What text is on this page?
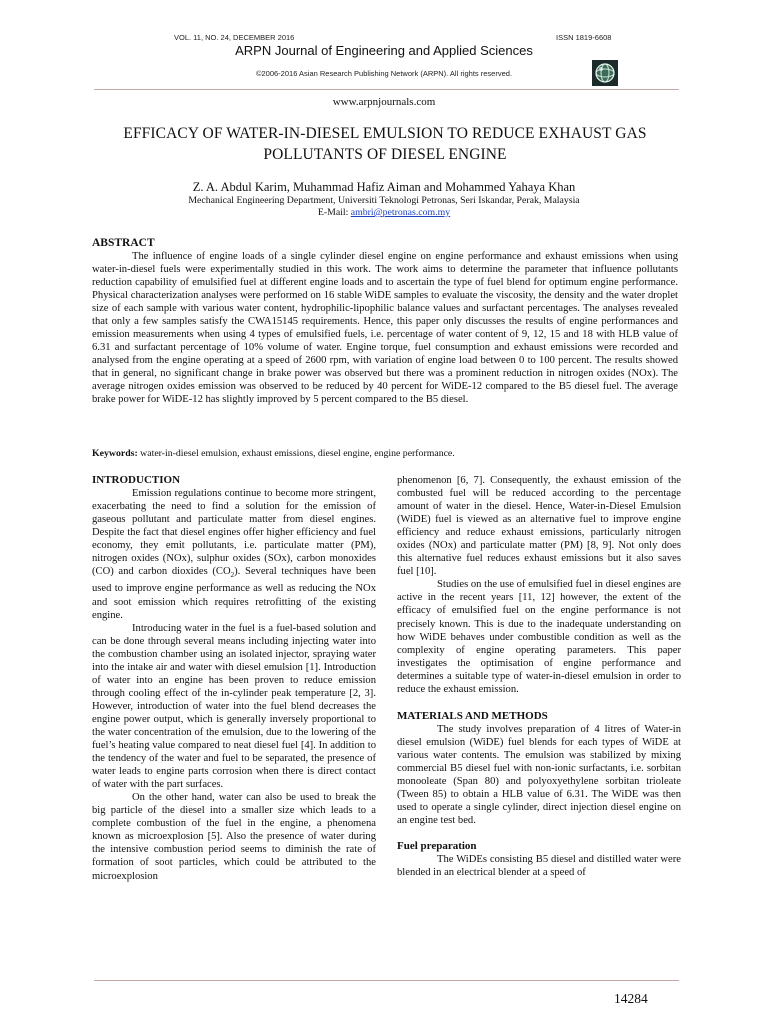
VOL. 11, NO. 24, DECEMBER 2016	ISSN 1819-6608
ARPN Journal of Engineering and Applied Sciences
©2006-2016 Asian Research Publishing Network (ARPN). All rights reserved.
www.arpnjournals.com
EFFICACY OF WATER-IN-DIESEL EMULSION TO REDUCE EXHAUST GAS POLLUTANTS OF DIESEL ENGINE
Z. A. Abdul Karim, Muhammad Hafiz Aiman and Mohammed Yahaya Khan
Mechanical Engineering Department, Universiti Teknologi Petronas, Seri Iskandar, Perak, Malaysia
E-Mail: ambri@petronas.com.my
ABSTRACT

The influence of engine loads of a single cylinder diesel engine on engine performance and exhaust emissions when using water-in-diesel fuels were experimentally studied in this work. The work aims to determine the parameter that influence pollutants reduction capability of emulsified fuel at different engine loads and to ascertain the type of fuel blend for optimum engine performance. Physical characterization analyses were performed on 16 stable WiDE samples to evaluate the viscosity, the density and the water droplet size of each sample with various water content, hydrophilic-lipophilic balance values and surfactant percentages. The analyses revealed that only a few samples satisfy the CWA15145 requirements. Hence, this paper only discusses the results of engine performances and emission measurements when using 4 types of emulsified fuels, i.e. percentage of water content of 9, 12, 15 and 18 with HLB value of 6.31 and surfactant percentage of 10% volume of water. Engine torque, fuel consumption and exhaust emissions were recorded and analysed from the engine operating at a speed of 2600 rpm, with variation of engine load between 0 to 100 percent. The results showed that in general, no significant change in brake power was observed but there was a prominent reduction in nitrogen oxides (NOx). The average nitrogen oxides emission was observed to be reduced by 40 percent for WiDE-12 compared to the B5 diesel fuel. The average brake power for WiDE-12 has slightly improved by 5 percent compared to the B5 diesel.

Keywords: water-in-diesel emulsion, exhaust emissions, diesel engine, engine performance.
INTRODUCTION

Emission regulations continue to become more stringent, exacerbating the need to find a solution for the emission of gaseous pollutant and particulate matter from diesel engines. Despite the fact that diesel engines offer higher efficiency and fuel economy, they emit pollutants, i.e. particulate matter (PM), nitrogen oxides (NOx), sulphur oxides (SOx), carbon monoxides (CO) and carbon dioxides $(CO_2)$. Several techniques have been used to improve engine performance as well as reducing the NOx and soot emission which requires retrofitting of the existing engine.

Introducing water in the fuel is a fuel-based solution and can be done through several means including injecting water into the combustion chamber using an isolated injector, spraying water into the intake air and water with diesel emulsion [1]. Introduction of water into an engine has been proven to reduce emission through cooling effect of the in-cylinder peak temperature [2, 3]. However, introduction of water into the fuel blend decreases the engine power output, which is generally inversely proportional to the water concentration of the emulsion, due to the lowering of the fuel’s heating value compared to neat diesel fuel [4]. In addition to the tendency of the water and fuel to be separated, the presence of water leads to engine parts corrosion when there is direct contact of water with the part surfaces.

On the other hand, water can also be used to break the big particle of the diesel into a smaller size which leads to a complete combustion of the fuel in the engine, a phenomena known as microexplosion [5]. Also the presence of water during the intensive combustion period seems to diminish the rate of formation of soot particles, which could be attributed to the microexplosion

phenomenon [6, 7]. Consequently, the exhaust emission of the combusted fuel will be reduced according to the percentage amount of water in the diesel. Hence, Water-in-Diesel Emulsion (WiDE) fuel is viewed as an alternative fuel to improve engine efficiency and reduce exhaust emissions, particularly nitrogen oxides (NOx) and particulate matter (PM) [8, 9]. Not only does this alternative fuel reduces exhaust emissions but it also saves fuel [10].

Studies on the use of emulsified fuel in diesel engines are active in the recent years [11, 12] however, the extent of the efficacy of emulsified fuel on the engine performance is not precisely known. This is due to the inadequate understanding on how WiDE behaves under combustible condition as well as the complexity of engine operating parameters. This paper investigates the optimisation of engine performance and determines a suitable type of water-in-diesel emulsion in order to reduce the exhaust emission.

MATERIALS AND METHODS

The study involves preparation of 4 litres of Water-in diesel emulsion (WiDE) fuel blends for each types of WiDE at various water contents. The emulsion was stabilized by mixing commercial B5 diesel fuel with non-ionic surfactants, i.e. sorbitan monooleate (Span 80) and polyoxyethylene sorbitan trioleate (Tween 85) to obtain a HLB value of 6.31. The WiDE was then used to operate a single cylinder, direct injection diesel engine on an engine test bed.

Fuel preparation

The WiDEs consisting B5 diesel and distilled water were blended in an electrical blender at a speed of

14284
